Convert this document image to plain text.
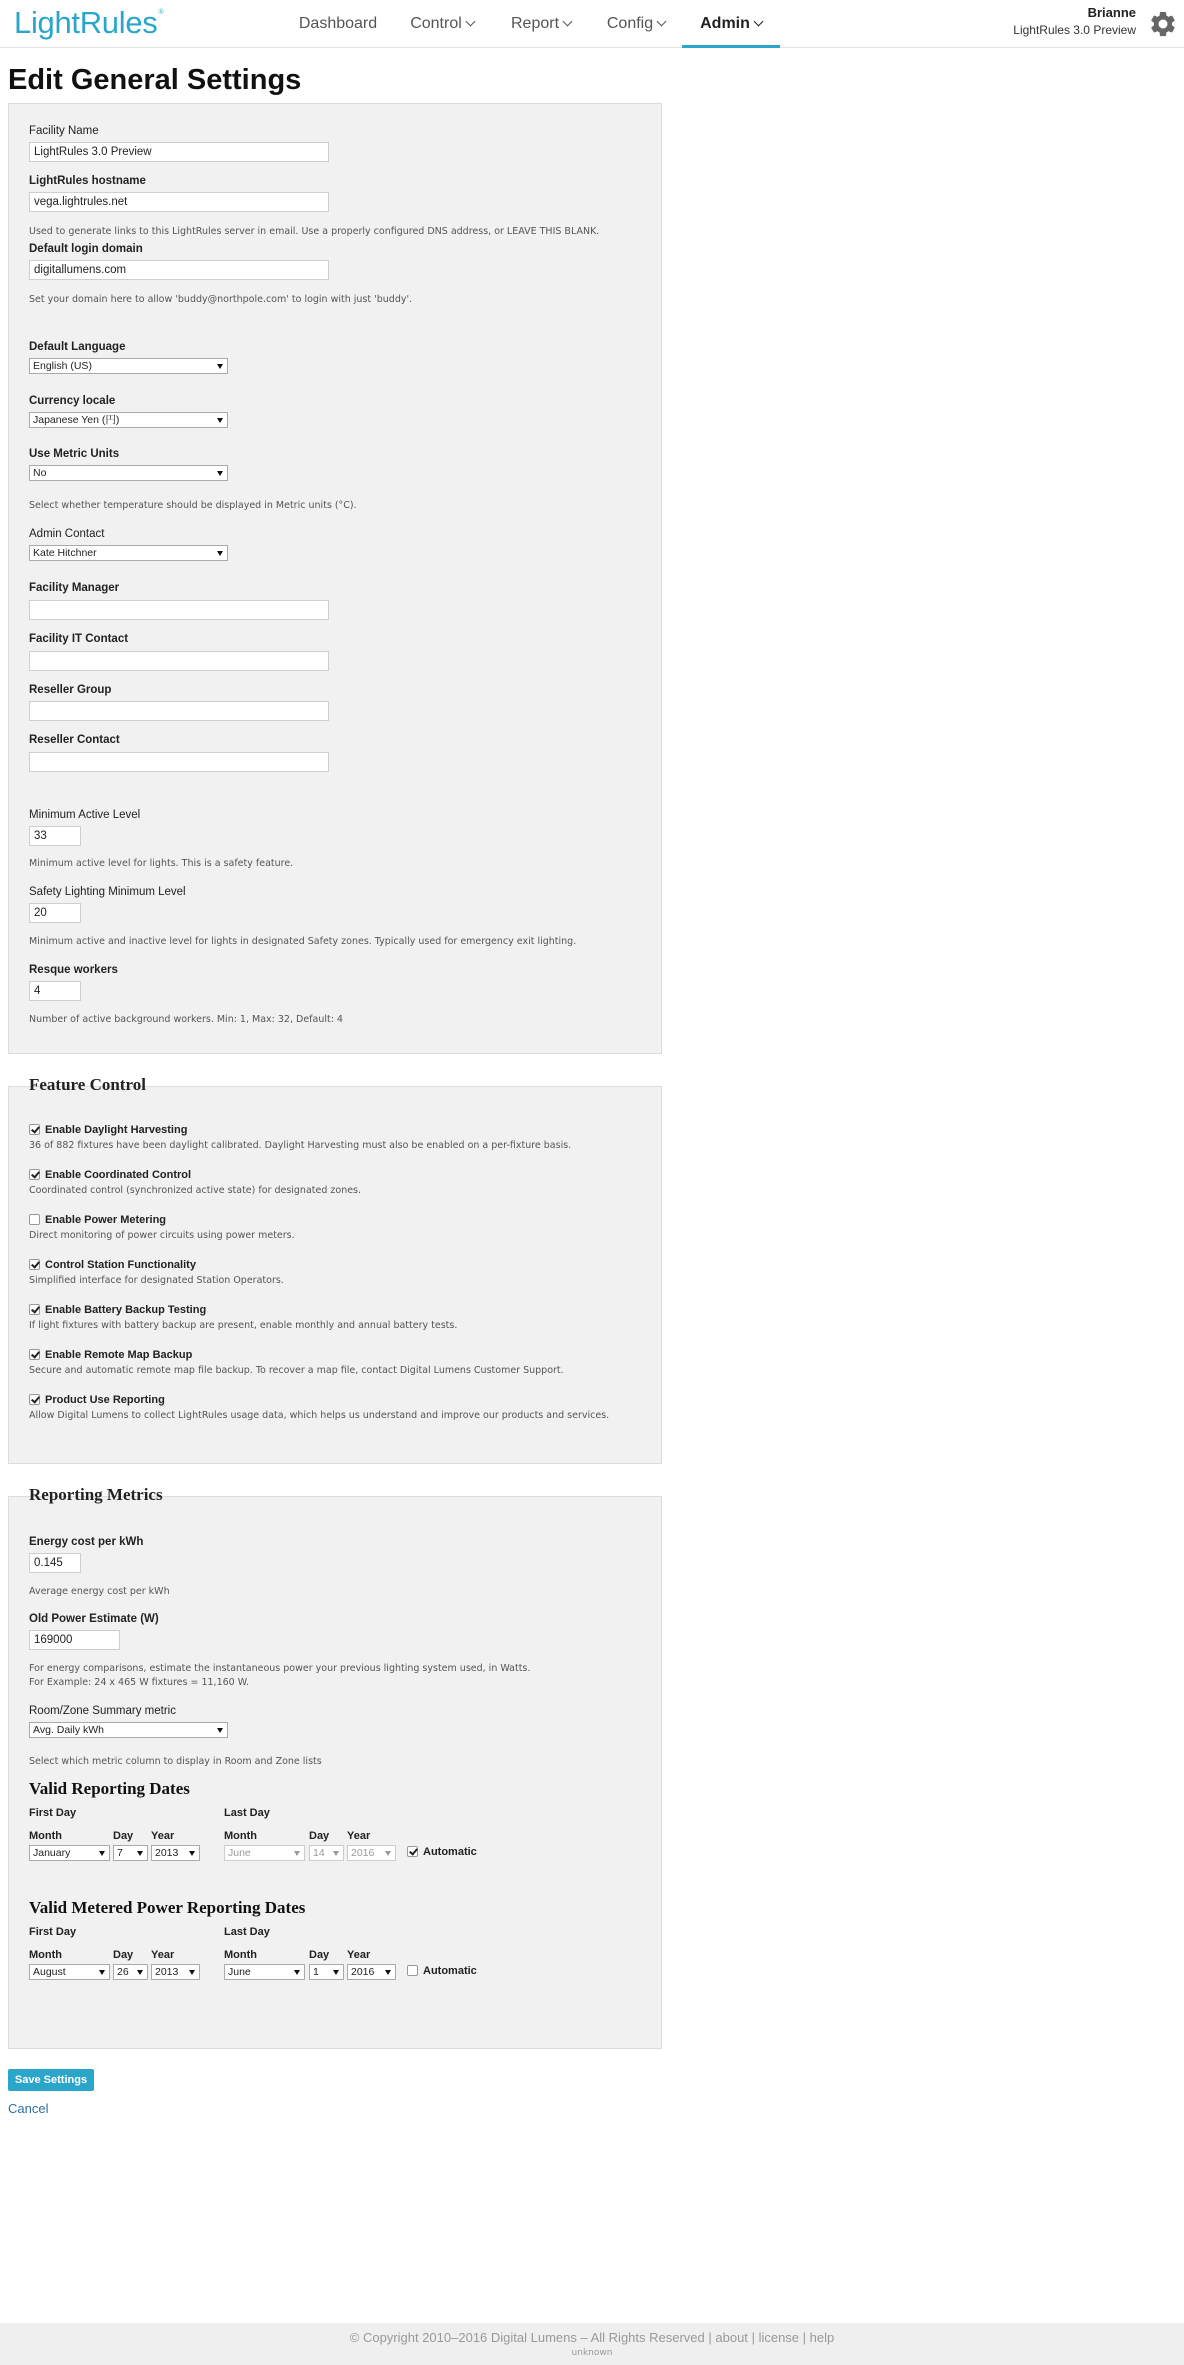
LightRules®
Dashboard Control	Report	Config	Admin
Brianne
LightRules 3.0 Preview
Edit General Settings
Facility Name
LightRules 3.0 Preview
LightRules hostname
vega.lightrules.net
Used to generate links to this LightRules server in email. Use a properly configured DNS address, or LEAVE THIS BLANK.
Default login domain
digitallumens.com
Set your domain here to allow 'buddy@northpole.com' to login with just 'buddy'.
Default Language
English (US)
Currency locale
Japanese Yen (円)
Use Metric Units
No
Select whether temperature should be displayed in Metric units (°C).
Admin Contact
Kate Hitchner
Facility Manager
Facility IT Contact
Reseller Group
Reseller Contact
Minimum Active Level
33
Minimum active level for lights. This is a safety feature.
Safety Lighting Minimum Level
20
Minimum active and inactive level for lights in designated Safety zones. Typically used for emergency exit lighting.
Resque workers
4
Number of active background workers. Min: 1, Max: 32, Default: 4
Feature Control
Enable Daylight Harvesting
36 of 882 fixtures have been daylight calibrated. Daylight Harvesting must also be enabled on a per-fixture basis.
Enable Coordinated Control
Coordinated control (synchronized active state) for designated zones.
Enable Power Metering
Direct monitoring of power circuits using power meters.
Control Station Functionality
Simplified interface for designated Station Operators.
Enable Battery Backup Testing
If light fixtures with battery backup are present, enable monthly and annual battery tests.
Enable Remote Map Backup
Secure and automatic remote map file backup. To recover a map file, contact Digital Lumens Customer Support.
Product Use Reporting
Allow Digital Lumens to collect LightRules usage data, which helps us understand and improve our products and services.
Reporting Metrics
Energy cost per kWh
0.145
Average energy cost per kWh
Old Power Estimate (W)
169000
For energy comparisons, estimate the instantaneous power your previous lighting system used, in Watts.
For Example: 24 x 465 W fixtures = 11,160 W.
Room/Zone Summary metric
Avg. Daily kWh
Select which metric column to display in Room and Zone lists
Valid Reporting Dates
First Day	Last Day
Month	Day Year	Month	Day Year
January	7	2013	June	14	2016	Automatic
Valid Metered Power Reporting Dates
First Day	Last Day
Month	Day Year	Month	Day Year
August	26	2013	June	1	2016	Automatic
Save Settings
Cancel
© Copyright 2010–2016 Digital Lumens – All Rights Reserved | about | license | help
unknown
